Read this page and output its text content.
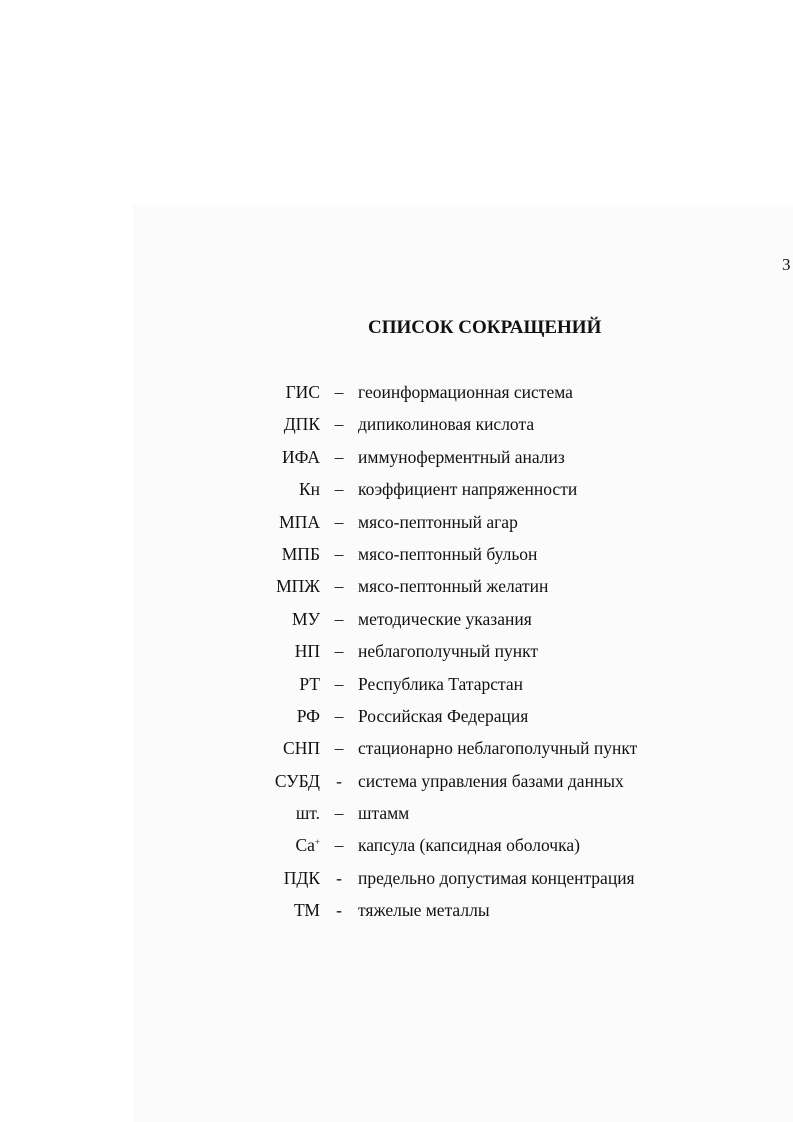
3

СПИСОК СОКРАЩЕНИЙ
ГИС – геоинформационная система
ДПК – дипиколиновая кислота
ИФА – иммуноферментный анализ
Кн – коэффициент напряженности
МПА – мясо-пептонный агар
МПБ – мясо-пептонный бульон
МПЖ – мясо-пептонный желатин
МУ – методические указания
НП – неблагополучный пункт
РТ – Республика Татарстан
РФ – Российская Федерация
СНП – стационарно неблагополучный пункт
СУБД - система управления базами данных
шт. – штамм
Са+ – капсула (капсидная оболочка)
ПДК - предельно допустимая концентрация
ТМ - тяжелые металлы
